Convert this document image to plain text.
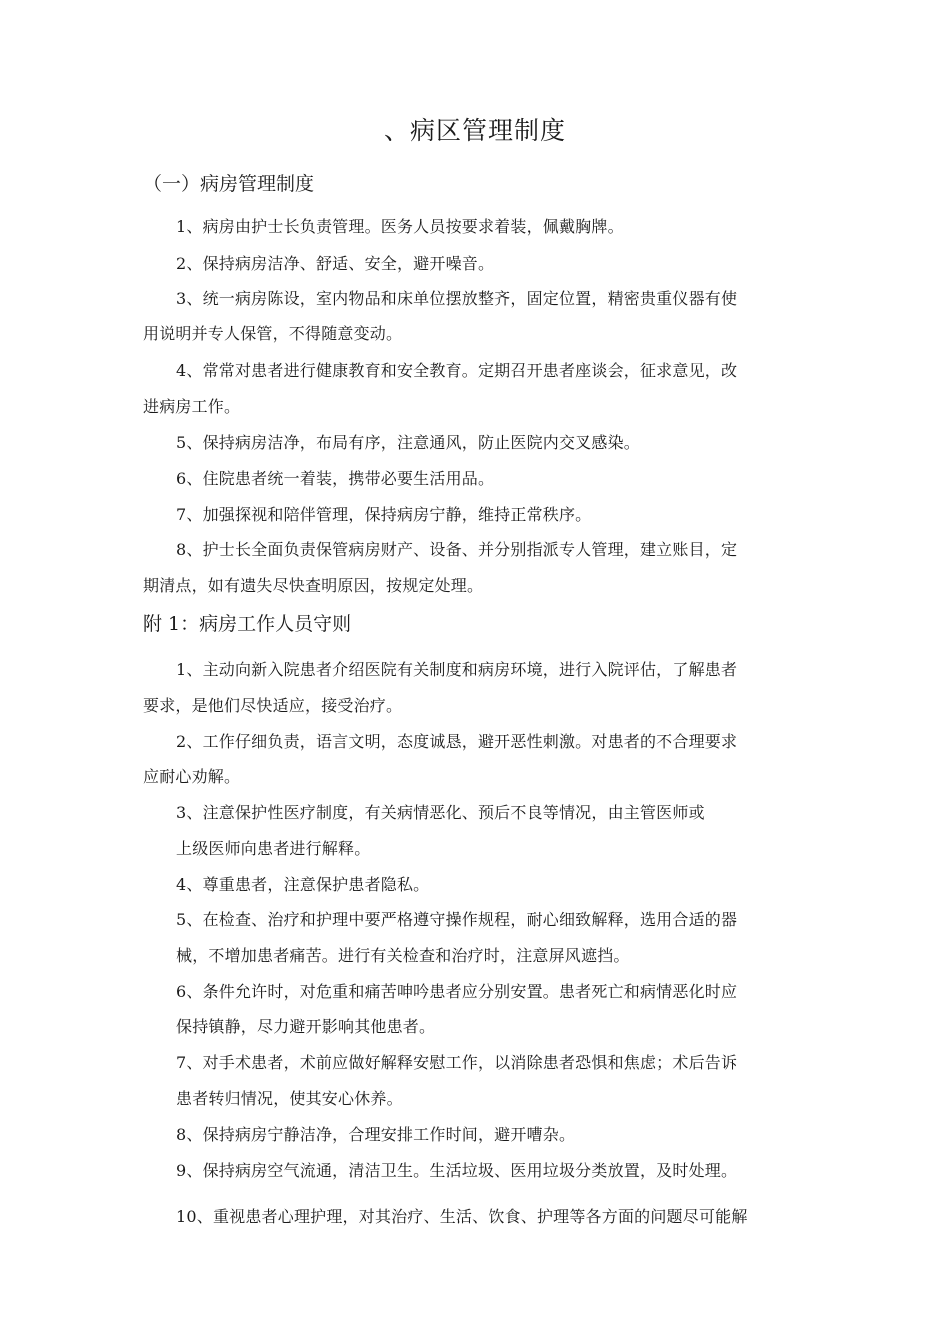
、病区管理制度
（一）病房管理制度
1、病房由护士长负责管理。医务人员按要求着装，佩戴胸牌。
2、保持病房洁净、舒适、安全，避开噪音。
3、统一病房陈设，室内物品和床单位摆放整齐，固定位置，精密贵重仪器有使
用说明并专人保管，不得随意变动。
4、常常对患者进行健康教育和安全教育。定期召开患者座谈会，征求意见，改
进病房工作。
5、保持病房洁净，布局有序，注意通风，防止医院内交叉感染。
6、住院患者统一着装，携带必要生活用品。
7、加强探视和陪伴管理，保持病房宁静，维持正常秩序。
8、护士长全面负责保管病房财产、设备、并分别指派专人管理，建立账目，定
期清点，如有遗失尽快查明原因，按规定处理。
附 1：病房工作人员守则
1、主动向新入院患者介绍医院有关制度和病房环境，进行入院评估，了解患者
要求，是他们尽快适应，接受治疗。
2、工作仔细负责，语言文明，态度诚恳，避开恶性刺激。对患者的不合理要求
应耐心劝解。
3、注意保护性医疗制度，有关病情恶化、预后不良等情况，由主管医师或
上级医师向患者进行解释。
4、尊重患者，注意保护患者隐私。
5、在检查、治疗和护理中要严格遵守操作规程，耐心细致解释，选用合适的器
械，不增加患者痛苦。进行有关检查和治疗时，注意屏风遮挡。
6、条件允许时，对危重和痛苦呻吟患者应分别安置。患者死亡和病情恶化时应
保持镇静，尽力避开影响其他患者。
7、对手术患者，术前应做好解释安慰工作，以消除患者恐惧和焦虑；术后告诉
患者转归情况，使其安心休养。
8、保持病房宁静洁净，合理安排工作时间，避开嘈杂。
9、保持病房空气流通，清洁卫生。生活垃圾、医用垃圾分类放置，及时处理。
10、重视患者心理护理，对其治疗、生活、饮食、护理等各方面的问题尽可能解
